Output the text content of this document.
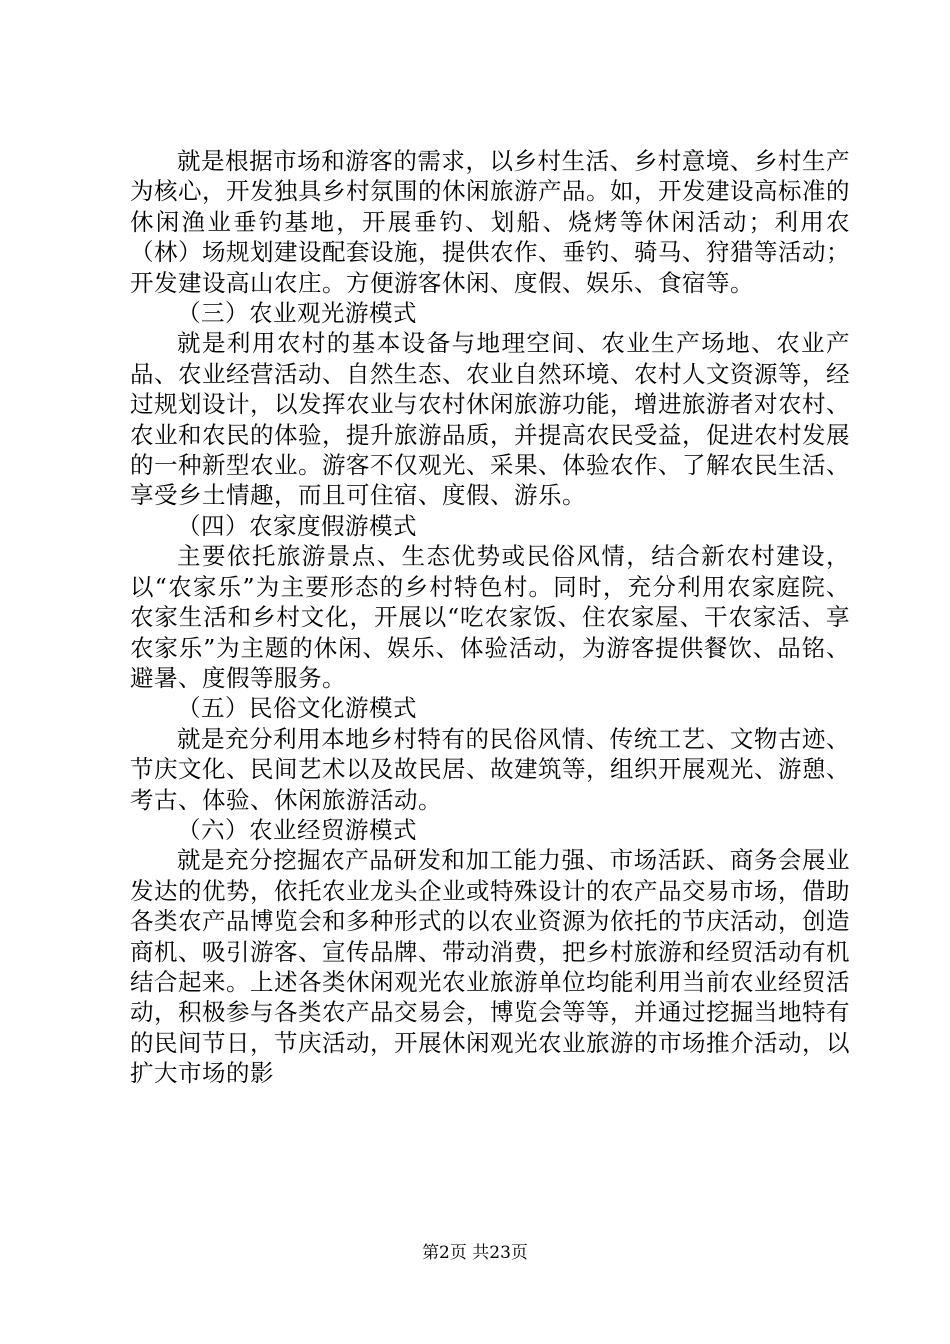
就是根据市场和游客的需求，以乡村生活、乡村意境、乡村生产为核心，开发独具乡村氛围的休闲旅游产品。如，开发建设高标准的休闲渔业垂钓基地，开展垂钓、划船、烧烤等休闲活动；利用农（林）场规划建设配套设施，提供农作、垂钓、骑马、狩猎等活动；开发建设高山农庄。方便游客休闲、度假、娱乐、食宿等。

（三）农业观光游模式

就是利用农村的基本设备与地理空间、农业生产场地、农业产品、农业经营活动、自然生态、农业自然环境、农村人文资源等，经过规划设计，以发挥农业与农村休闲旅游功能，增进旅游者对农村、农业和农民的体验，提升旅游品质，并提高农民受益，促进农村发展的一种新型农业。游客不仅观光、采果、体验农作、了解农民生活、享受乡土情趣，而且可住宿、度假、游乐。

（四）农家度假游模式

主要依托旅游景点、生态优势或民俗风情，结合新农村建设，以“农家乐”为主要形态的乡村特色村。同时，充分利用农家庭院、农家生活和乡村文化，开展以“吃农家饭、住农家屋、干农家活、享农家乐”为主题的休闲、娱乐、体验活动，为游客提供餐饮、品铭、避暑、度假等服务。

（五）民俗文化游模式

就是充分利用本地乡村特有的民俗风情、传统工艺、文物古迹、节庆文化、民间艺术以及故民居、故建筑等，组织开展观光、游憩、考古、体验、休闲旅游活动。

（六）农业经贸游模式

就是充分挖掘农产品研发和加工能力强、市场活跃、商务会展业发达的优势，依托农业龙头企业或特殊设计的农产品交易市场，借助各类农产品博览会和多种形式的以农业资源为依托的节庆活动，创造商机、吸引游客、宣传品牌、带动消费，把乡村旅游和经贸活动有机结合起来。上述各类休闲观光农业旅游单位均能利用当前农业经贸活动，积极参与各类农产品交易会，博览会等等，并通过挖掘当地特有的民间节日，节庆活动，开展休闲观光农业旅游的市场推介活动，以扩大市场的影

第2页 共23页
